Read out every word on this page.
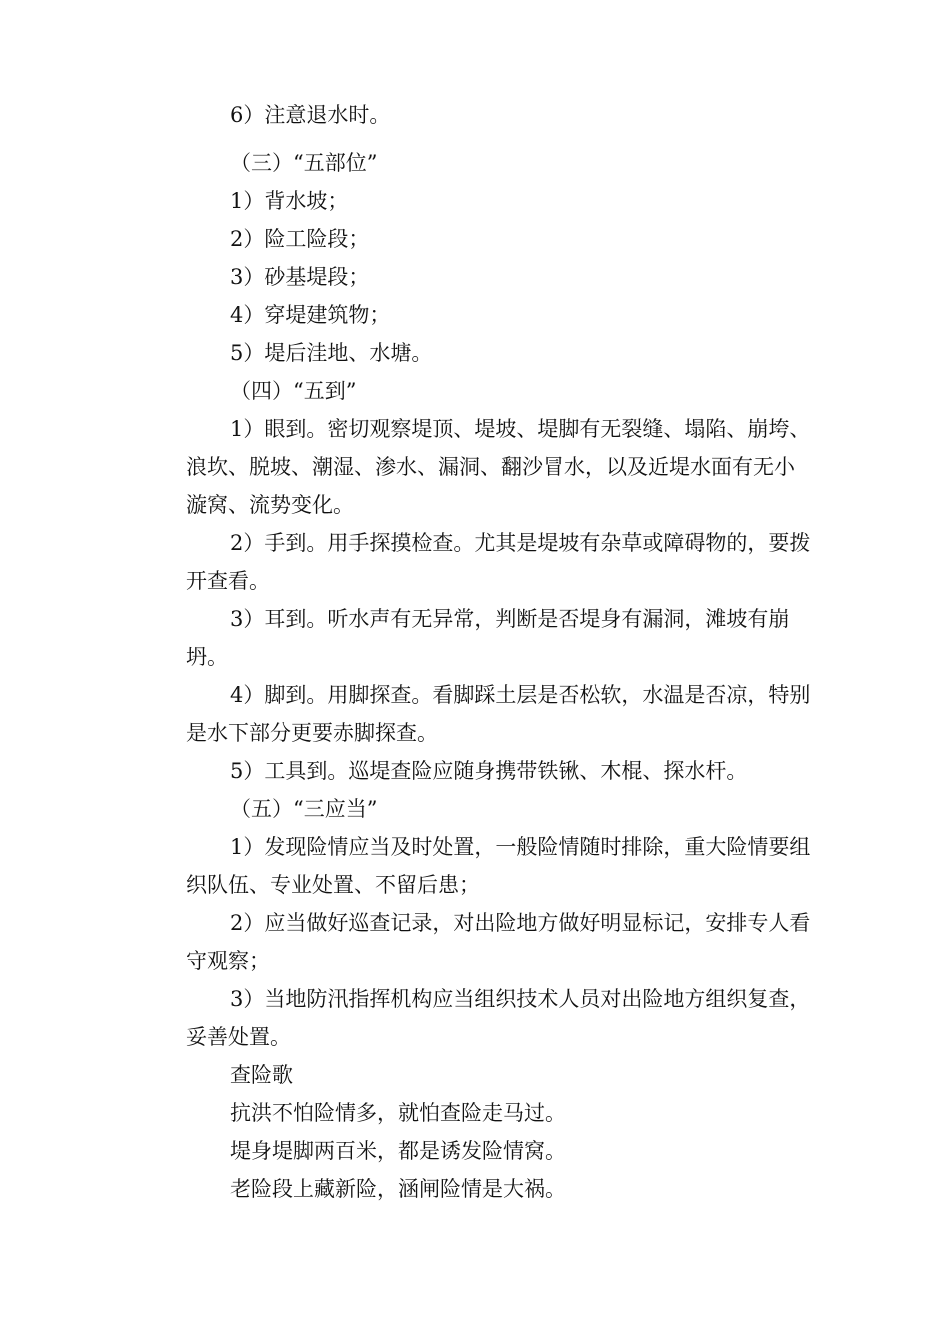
6）注意退水时。

（三）“五部位”

1）背水坡；

2）险工险段；

3）砂基堤段；

4）穿堤建筑物；

5）堤后洼地、水塘。

（四）“五到”

1）眼到。密切观察堤顶、堤坡、堤脚有无裂缝、塌陷、崩垮、浪坎、脱坡、潮湿、渗水、漏洞、翻沙冒水，以及近堤水面有无小漩窝、流势变化。

2）手到。用手探摸检查。尤其是堤坡有杂草或障碍物的，要拨开查看。

3）耳到。听水声有无异常，判断是否堤身有漏洞，滩坡有崩坍。

4）脚到。用脚探查。看脚踩土层是否松软，水温是否凉，特别是水下部分更要赤脚探查。

5）工具到。巡堤查险应随身携带铁锹、木棍、探水杆。

（五）“三应当”

1）发现险情应当及时处置，一般险情随时排除，重大险情要组织队伍、专业处置、不留后患；

2）应当做好巡查记录，对出险地方做好明显标记，安排专人看守观察；

3）当地防汛指挥机构应当组织技术人员对出险地方组织复查，妥善处置。

查险歌

抗洪不怕险情多，就怕查险走马过。

堤身堤脚两百米，都是诱发险情窝。

老险段上藏新险，涵闸险情是大祸。
